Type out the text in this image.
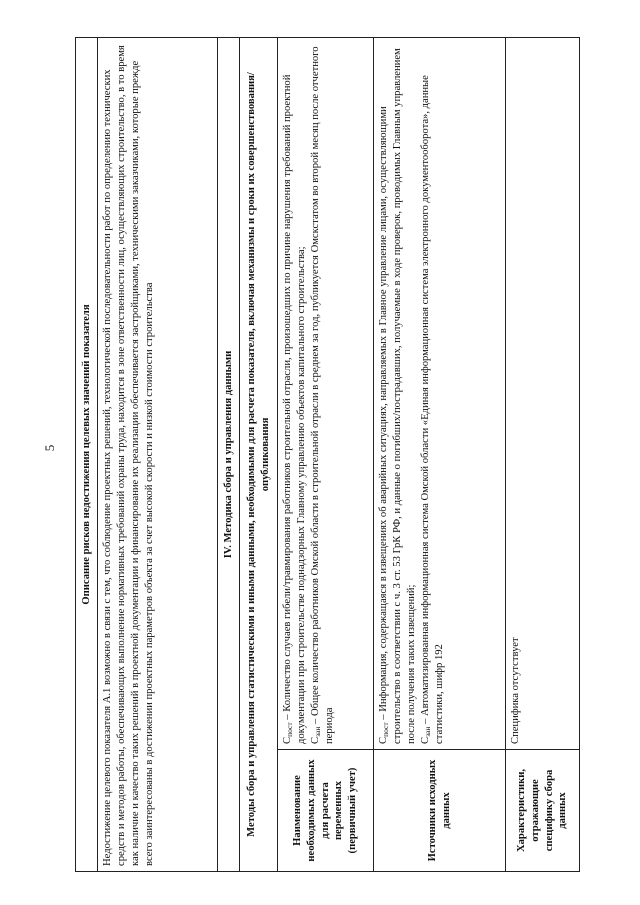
5 Описание рисков недостижения целевых значений показателя	
Недостижение целевого показателя А.1 возможно в связи с тем, что соблюдение проектных решений, технологической последовательности работ по определению технических средств и методов работы, обеспечивающих выполнение нормативных требований охраны труда, находится в зоне ответственности лиц, осуществляющих строительство, в то время как наличие и качество таких решений в проектной документации и финансирование их реализации обеспечивается застройщиками, техническими заказчиками, которые прежде всего заинтересованы в достижении проектных параметров объекта за счет высокой скорости и низкой стоимости строительства	
IV. Методика сбора и управления данными	
Методы сбора и управления статистическими и иными данными, необходимыми для расчета показателя, включая механизмы и сроки их совершенствования/опубликования	
Наименование необходимых данных для расчета переменных (первичный учет)	$С_{пост}$ – Количество случаев гибели/травмирования работников строительной отрасли, произошедших по причине нарушения требований проектной документации при строительстве поднадзорных Главному управлению объектов капитального строительства; $С_{зан}$ – Общее количество работников Омской области в строительной отрасли в среднем за год, публикуется Омскстатом во второй месяц после отчетного периода

Источники исходных данных	$С_{пост}$ – Информация, содержащаяся в извещениях об аварийных ситуациях, направляемых в Главное управление лицами, осуществляющими строительство в соответствии с ч. 3 ст. 53 ГрК РФ, и данные о погибших/пострадавших, получаемые в ходе проверок, проводимых Главным управлением после получения таких извещений; $С_{зан}$ – Автоматизированная информационная система Омской области «Единая информационная система электронного документооборота», данные статистики, шифр 192

Характеристики, отражающие специфику сбора данных	Специфика отсутствует
